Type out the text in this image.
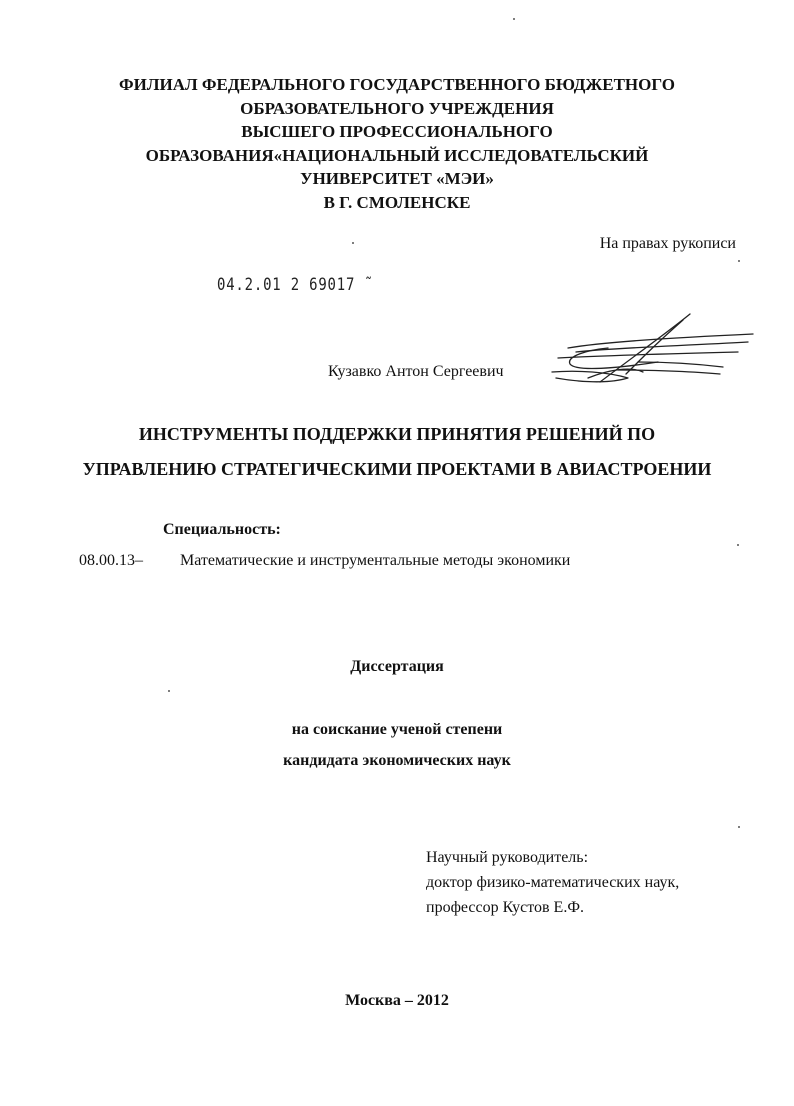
ФИЛИАЛ ФЕДЕРАЛЬНОГО ГОСУДАРСТВЕННОГО БЮДЖЕТНОГО
ОБРАЗОВАТЕЛЬНОГО УЧРЕЖДЕНИЯ
ВЫСШЕГО ПРОФЕССИОНАЛЬНОГО
ОБРАЗОВАНИЯ«НАЦИОНАЛЬНЫЙ ИССЛЕДОВАТЕЛЬСКИЙ
УНИВЕРСИТЕТ «МЭИ»
В Г. СМОЛЕНСКЕ
На правах рукописи
04.2.01 2 69017 ˜
Кузавко Антон Сергеевич
ИНСТРУМЕНТЫ ПОДДЕРЖКИ ПРИНЯТИЯ РЕШЕНИЙ ПО
УПРАВЛЕНИЮ СТРАТЕГИЧЕСКИМИ ПРОЕКТАМИ В АВИАСТРОЕНИИ
Специальность:
08.00.13– Математические и инструментальные методы экономики
Диссертация
на соискание ученой степени
кандидата экономических наук
Научный руководитель:
доктор физико-математических наук,
профессор Кустов Е.Ф.
Москва – 2012
